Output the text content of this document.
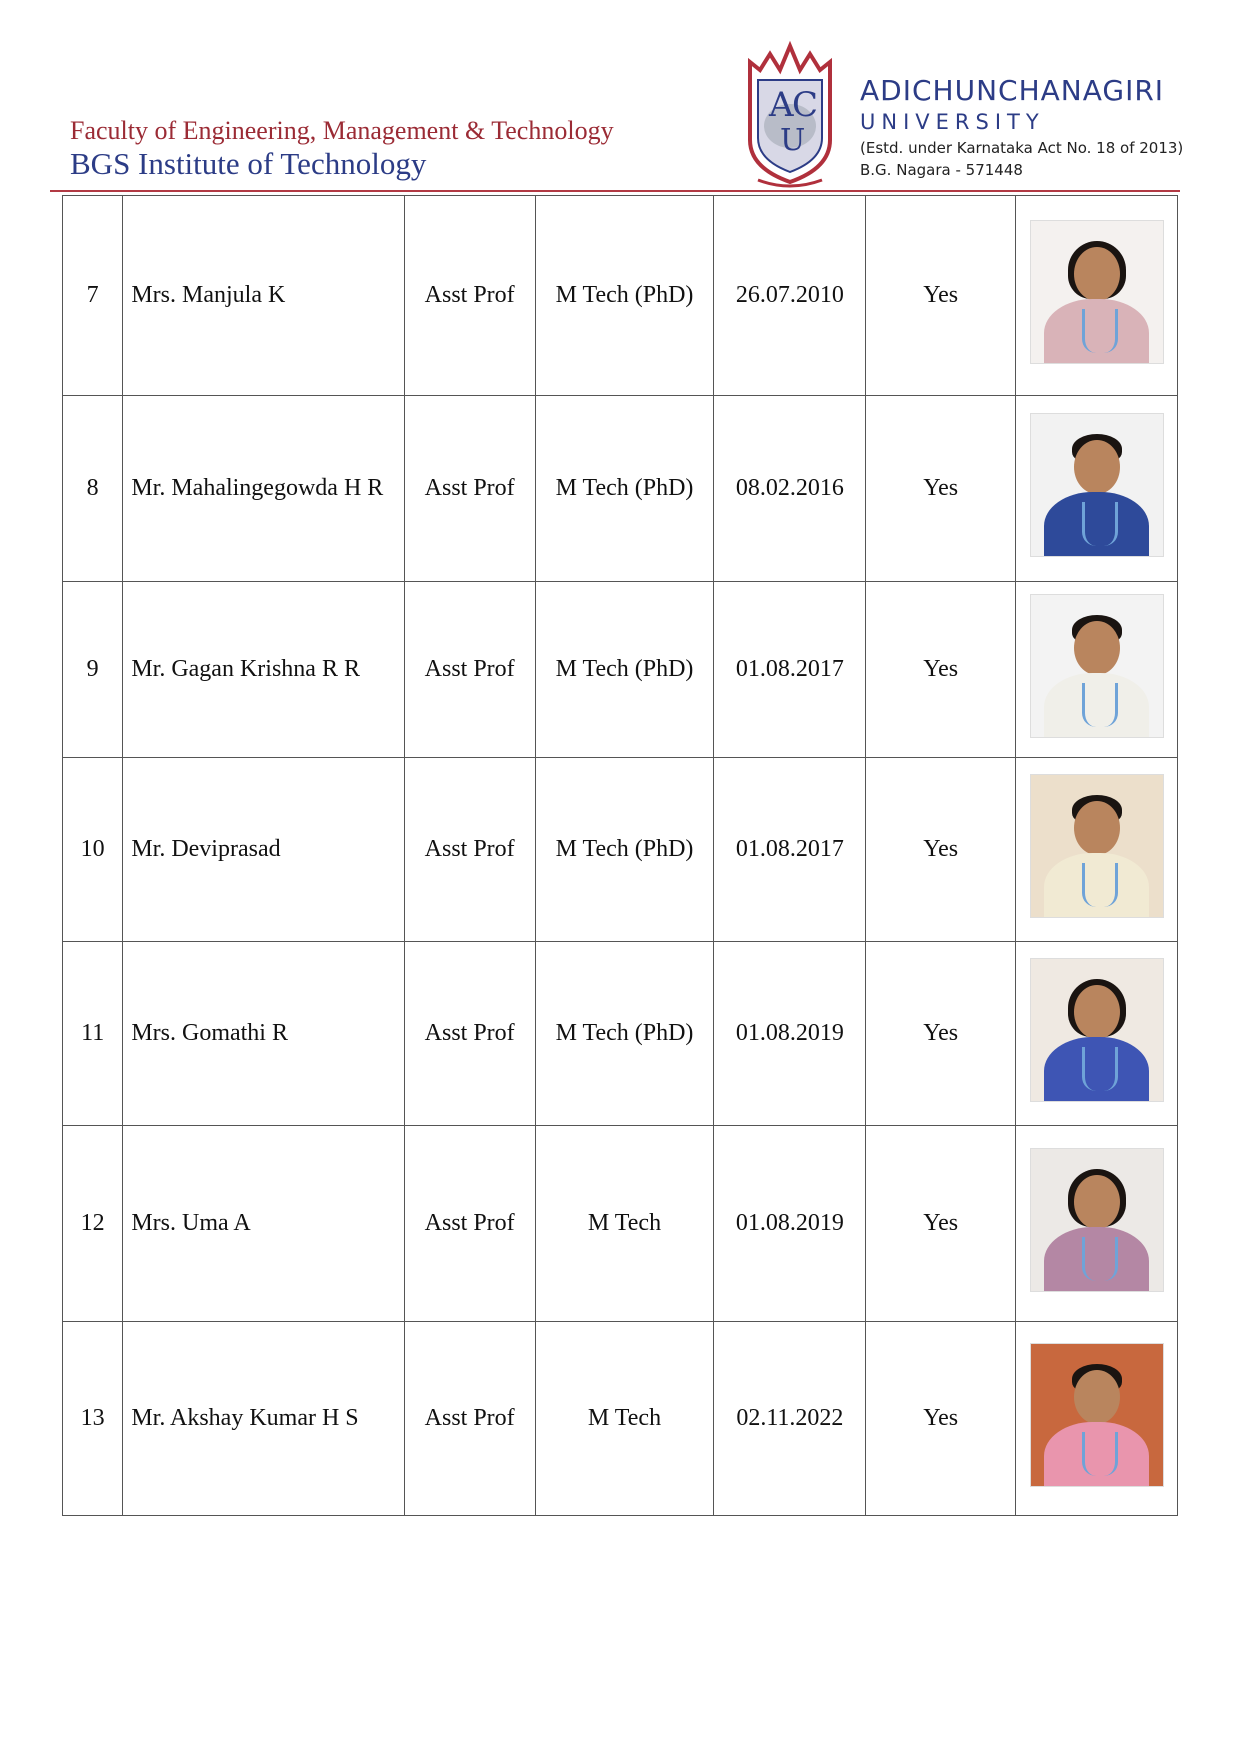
Faculty of Engineering, Management & Technology
BGS Institute of Technology
A
C
U
ADICHUNCHANAGIRI
UNIVERSITY
(Estd. under Karnataka Act No. 18 of 2013)
B.G. Nagara - 571448
7	Mrs. Manjula K	Asst Prof	M Tech (PhD)	26.07.2010	Yes	

8	Mr. Mahalingegowda H R	Asst Prof	M Tech (PhD)	08.02.2016	Yes	

9	Mr. Gagan Krishna R R	Asst Prof	M Tech (PhD)	01.08.2017	Yes	

10	Mr. Deviprasad	Asst Prof	M Tech (PhD)	01.08.2017	Yes	

11	Mrs. Gomathi R	Asst Prof	M Tech (PhD)	01.08.2019	Yes	

12	Mrs. Uma A	Asst Prof	M Tech	01.08.2019	Yes	

13	Mr. Akshay Kumar H S	Asst Prof	M Tech	02.11.2022	Yes	
